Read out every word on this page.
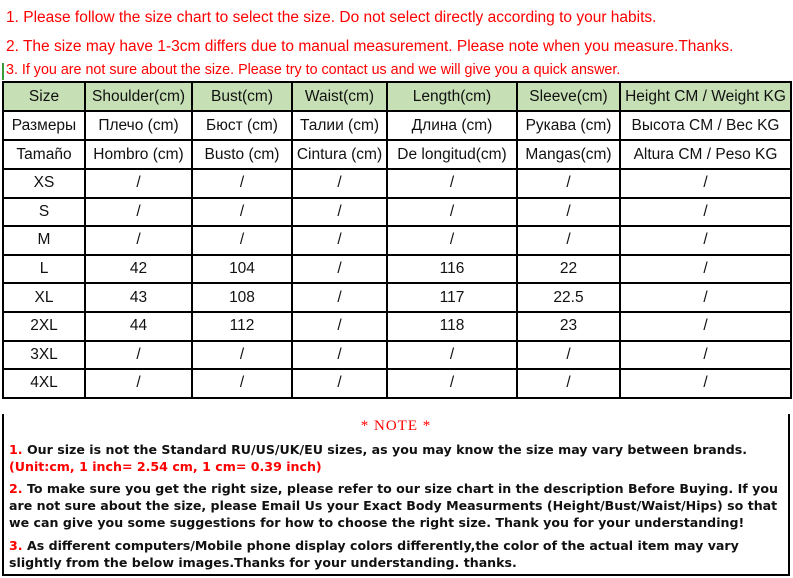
1. Please follow the size chart to select the size. Do not select directly according to your habits.
2. The size may have 1-3cm differs due to manual measurement. Please note when you measure.Thanks.
3. If you are not sure about the size. Please try to contact us and we will give you a quick answer.
Size	Shoulder(cm)	Bust(cm)	Waist(cm)	Length(cm)	Sleeve(cm)	Height CM / Weight KG
Размеры	Плечо (cm)	Бюст (cm)	Талии (cm)	Длина (cm)	Рукава (cm)	Высота CM / Вес KG
Tamaño	Hombro (cm)	Busto (cm)	Cintura (cm)	De longitud(cm)	Mangas(cm)	Altura CM / Peso KG
XS	/	/	/	/	/	/
S	/	/	/	/	/	/
M	/	/	/	/	/	/
L	42	104	/	116	22	/
XL	43	108	/	117	22.5	/
2XL	44	112	/	118	23	/
3XL	/	/	/	/	/	/
4XL	/	/	/	/	/	/
* NOTE *
1. Our size is not the Standard RU/US/UK/EU sizes, as you may know the size may vary between brands.
(Unit:cm, 1 inch= 2.54 cm, 1 cm= 0.39 inch)
2. To make sure you get the right size, please refer to our size chart in the description Before Buying. If you are not sure about the size, please Email Us your Exact Body Measurments (Height/Bust/Waist/Hips) so that we can give you some suggestions for how to choose the right size. Thank you for your understanding!
3. As different computers/Mobile phone display colors differently,the color of the actual item may vary slightly from the below images.Thanks for your understanding. thanks.
